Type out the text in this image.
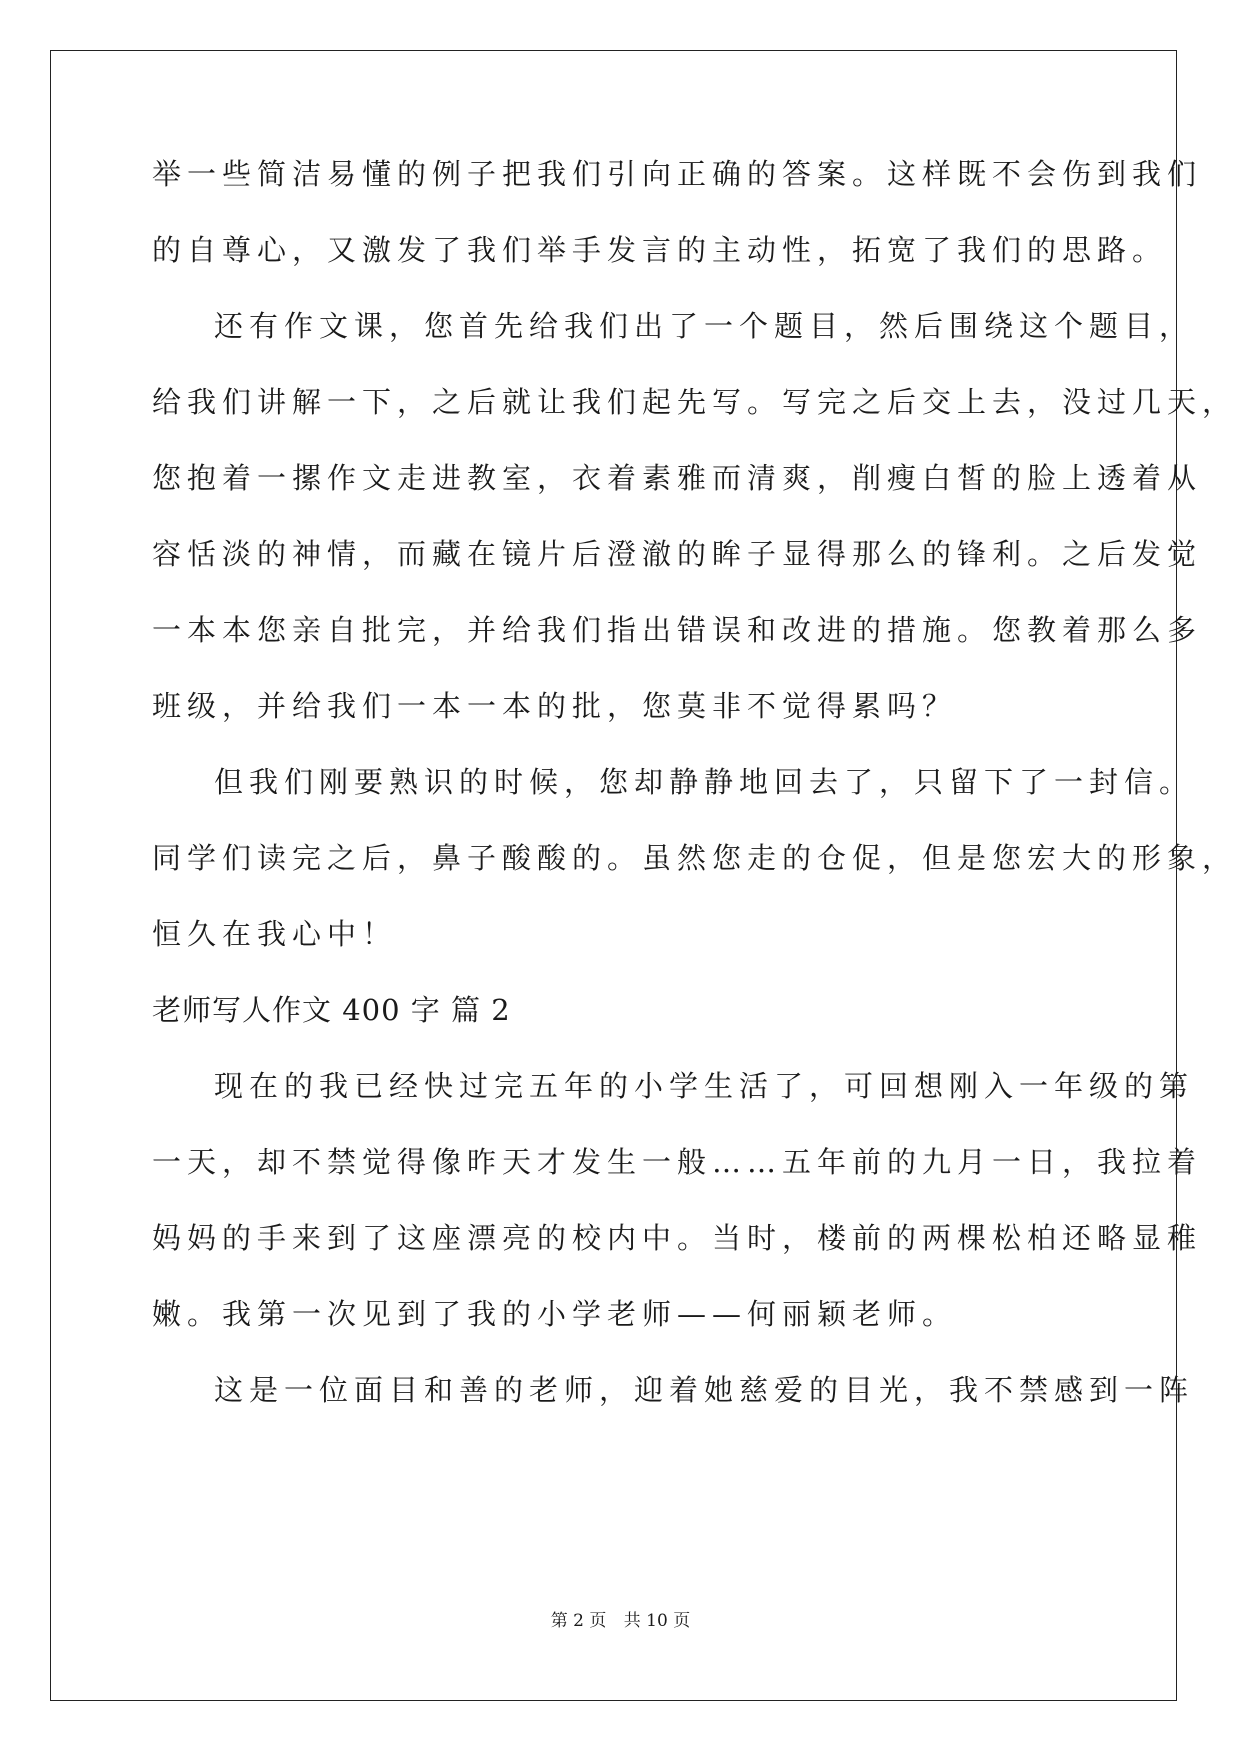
举一些简洁易懂的例子把我们引向正确的答案。这样既不会伤到我们
的自尊心，又激发了我们举手发言的主动性，拓宽了我们的思路。
还有作文课，您首先给我们出了一个题目，然后围绕这个题目，
给我们讲解一下，之后就让我们起先写。写完之后交上去，没过几天，
您抱着一摞作文走进教室，衣着素雅而清爽，削瘦白皙的脸上透着从
容恬淡的神情，而藏在镜片后澄澈的眸子显得那么的锋利。之后发觉
一本本您亲自批完，并给我们指出错误和改进的措施。您教着那么多
班级，并给我们一本一本的批，您莫非不觉得累吗？
但我们刚要熟识的时候，您却静静地回去了，只留下了一封信。
同学们读完之后，鼻子酸酸的。虽然您走的仓促，但是您宏大的形象，
恒久在我心中！
老师写人作文 400 字 篇 2
现在的我已经快过完五年的小学生活了，可回想刚入一年级的第
一天，却不禁觉得像昨天才发生一般……五年前的九月一日，我拉着
妈妈的手来到了这座漂亮的校内中。当时，楼前的两棵松柏还略显稚
嫩。我第一次见到了我的小学老师——何丽颖老师。
这是一位面目和善的老师，迎着她慈爱的目光，我不禁感到一阵
第 2 页 共 10 页
